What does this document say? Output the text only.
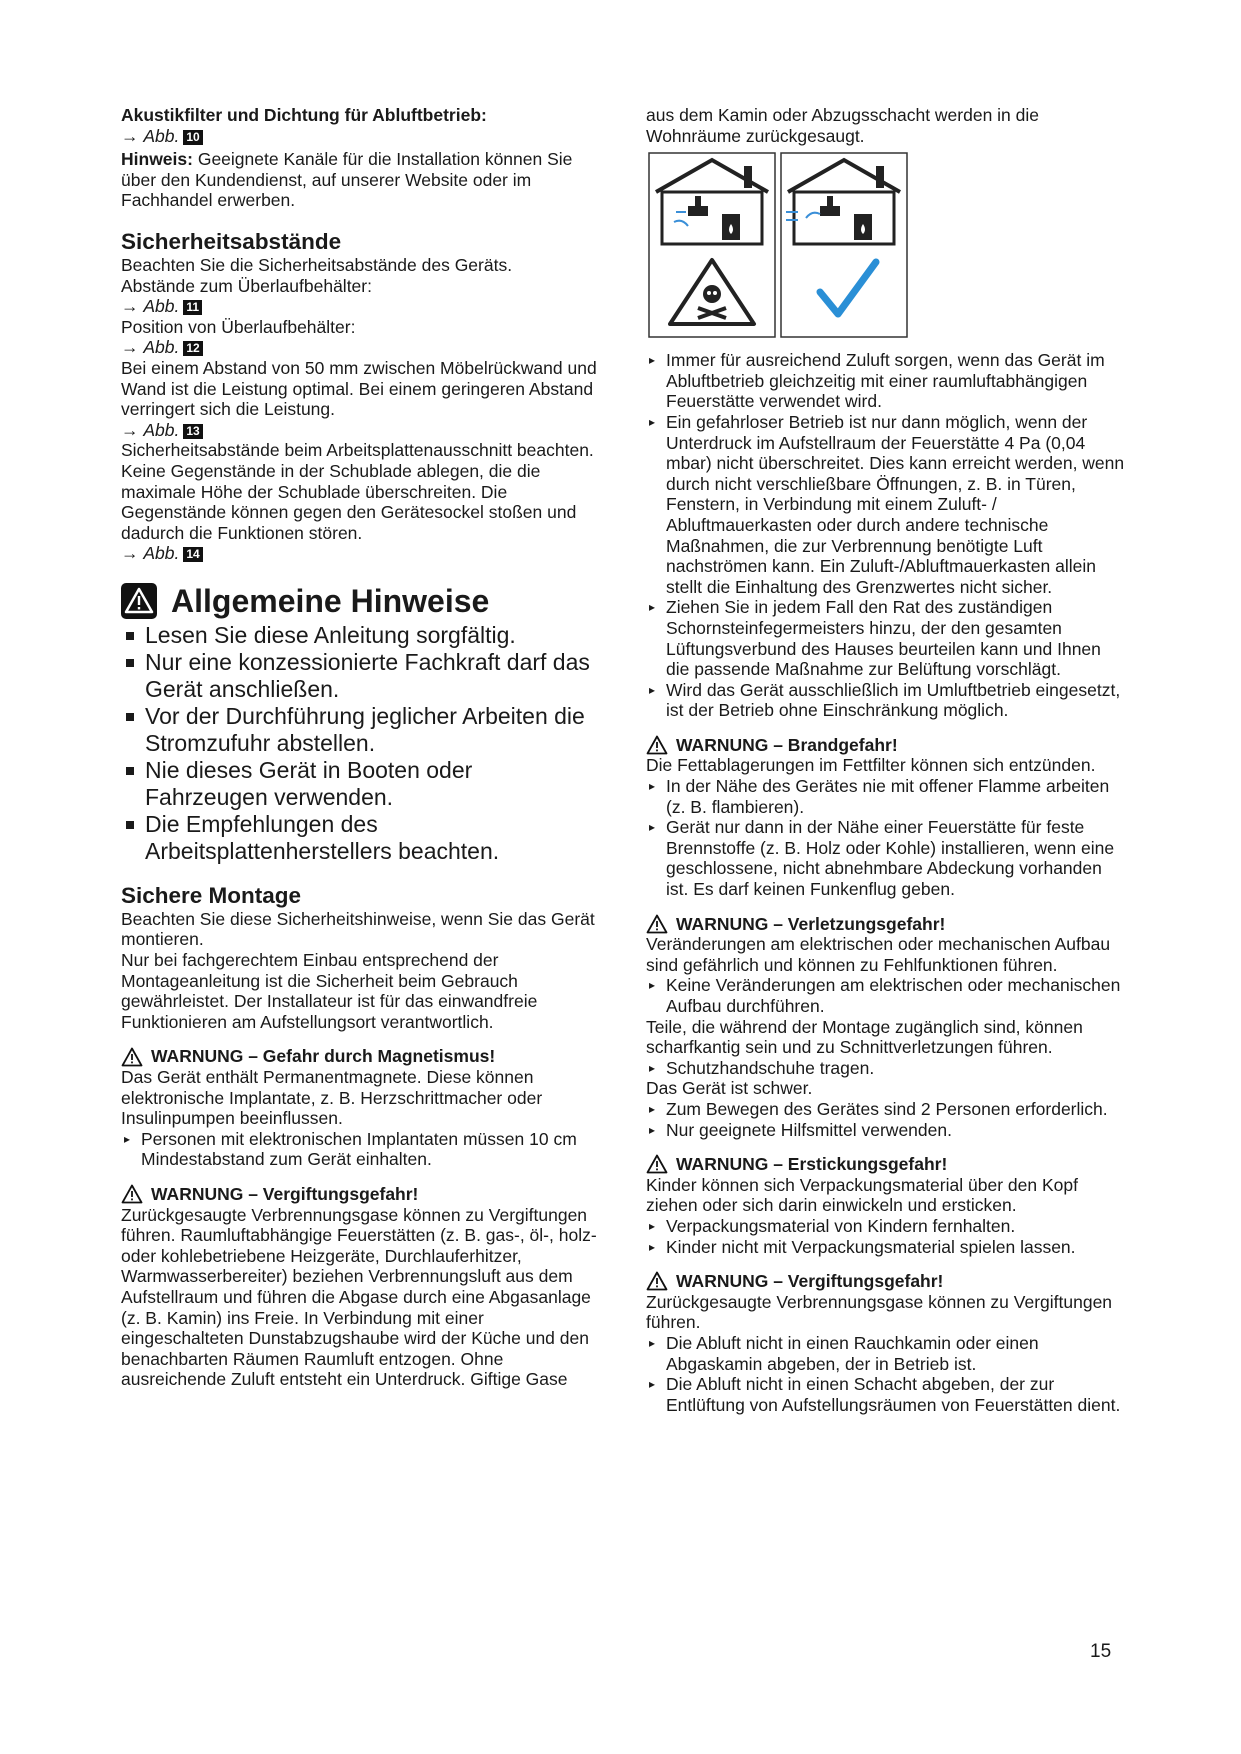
Akustikfilter und Dichtung für Abluftbetrieb:

→ Abb. 10

Hinweis: Geeignete Kanäle für die Installation können Sie über den Kundendienst, auf unserer Website oder im Fachhandel erwerben.

Sicherheitsabstände

Beachten Sie die Sicherheitsabstände des Geräts.

Abstände zum Überlaufbehälter:

→ Abb. 11

Position von Überlaufbehälter:

→ Abb. 12

Bei einem Abstand von 50 mm zwischen Möbelrückwand und Wand ist die Leistung optimal. Bei einem geringeren Abstand verringert sich die Leistung.

→ Abb. 13

Sicherheitsabstände beim Arbeitsplattenausschnitt beachten.

Keine Gegenstände in der Schublade ablegen, die die maximale Höhe der Schublade überschreiten. Die Gegenstände können gegen den Gerätesockel stoßen und dadurch die Funktionen stören.

→ Abb. 14

Allgemeine Hinweise
Lesen Sie diese Anleitung sorgfältig.
Nur eine konzessionierte Fachkraft darf das Gerät anschließen.
Vor der Durchführung jeglicher Arbeiten die Stromzufuhr abstellen.
Nie dieses Gerät in Booten oder Fahrzeugen verwenden.
Die Empfehlungen des Arbeitsplattenherstellers beachten.

Sichere Montage

Beachten Sie diese Sicherheitshinweise, wenn Sie das Gerät montieren.

Nur bei fachgerechtem Einbau entsprechend der Montageanleitung ist die Sicherheit beim Gebrauch gewährleistet. Der Installateur ist für das einwandfreie Funktionieren am Aufstellungsort verantwortlich.

WARNUNG – Gefahr durch Magnetismus!

Das Gerät enthält Permanentmagnete. Diese können elektronische Implantate, z. B. Herzschrittmacher oder Insulinpumpen beeinflussen.

▸ Personen mit elektronischen Implantaten müssen 10 cm Mindestabstand zum Gerät einhalten.
WARNUNG – Vergiftungsgefahr!

Zurückgesaugte Verbrennungsgase können zu Vergiftungen führen. Raumluftabhängige Feuerstätten (z. B. gas-, öl-, holz- oder kohlebetriebene Heizgeräte, Durchlauferhitzer, Warmwasserbereiter) beziehen Verbrennungsluft aus dem Aufstellraum und führen die Abgase durch eine Abgasanlage (z. B. Kamin) ins Freie. In Verbindung mit einer eingeschalteten Dunstabzugshaube wird der Küche und den benachbarten Räumen Raumluft entzogen. Ohne ausreichende Zuluft entsteht ein Unterdruck. Giftige Gase

aus dem Kamin oder Abzugsschacht werden in die Wohnräume zurückgesaugt.

▸ Immer für ausreichend Zuluft sorgen, wenn das Gerät im Abluftbetrieb gleichzeitig mit einer raumluftabhängigen Feuerstätte verwendet wird.
▸ Ein gefahrloser Betrieb ist nur dann möglich, wenn der Unterdruck im Aufstellraum der Feuerstätte 4 Pa (0,04 mbar) nicht überschreitet. Dies kann erreicht werden, wenn durch nicht verschließbare Öffnungen, z. B. in Türen, Fenstern, in Verbindung mit einem Zuluft- / Abluftmauerkasten oder durch andere technische Maßnahmen, die zur Verbrennung benötigte Luft nachströmen kann. Ein Zuluft-/Abluftmauerkasten allein stellt die Einhaltung des Grenzwertes nicht sicher.
▸ Ziehen Sie in jedem Fall den Rat des zuständigen Schornsteinfegermeisters hinzu, der den gesamten Lüftungsverbund des Hauses beurteilen kann und Ihnen die passende Maßnahme zur Belüftung vorschlägt.
▸ Wird das Gerät ausschließlich im Umluftbetrieb eingesetzt, ist der Betrieb ohne Einschränkung möglich.
WARNUNG – Brandgefahr!

Die Fettablagerungen im Fettfilter können sich entzünden.

▸ In der Nähe des Gerätes nie mit offener Flamme arbeiten (z. B. flambieren).
▸ Gerät nur dann in der Nähe einer Feuerstätte für feste Brennstoffe (z. B. Holz oder Kohle) installieren, wenn eine geschlossene, nicht abnehmbare Abdeckung vorhanden ist. Es darf keinen Funkenflug geben.
WARNUNG – Verletzungsgefahr!

Veränderungen am elektrischen oder mechanischen Aufbau sind gefährlich und können zu Fehlfunktionen führen.

▸ Keine Veränderungen am elektrischen oder mechanischen Aufbau durchführen.

Teile, die während der Montage zugänglich sind, können scharfkantig sein und zu Schnittverletzungen führen.

▸ Schutzhandschuhe tragen.

Das Gerät ist schwer.

▸ Zum Bewegen des Gerätes sind 2 Personen erforderlich.
▸ Nur geeignete Hilfsmittel verwenden.
WARNUNG – Erstickungsgefahr!

Kinder können sich Verpackungsmaterial über den Kopf ziehen oder sich darin einwickeln und ersticken.

▸ Verpackungsmaterial von Kindern fernhalten.
▸ Kinder nicht mit Verpackungsmaterial spielen lassen.
WARNUNG – Vergiftungsgefahr!

Zurückgesaugte Verbrennungsgase können zu Vergiftungen führen.

▸ Die Abluft nicht in einen Rauchkamin oder einen Abgaskamin abgeben, der in Betrieb ist.
▸ Die Abluft nicht in einen Schacht abgeben, der zur Entlüftung von Aufstellungsräumen von Feuerstätten dient.
15
